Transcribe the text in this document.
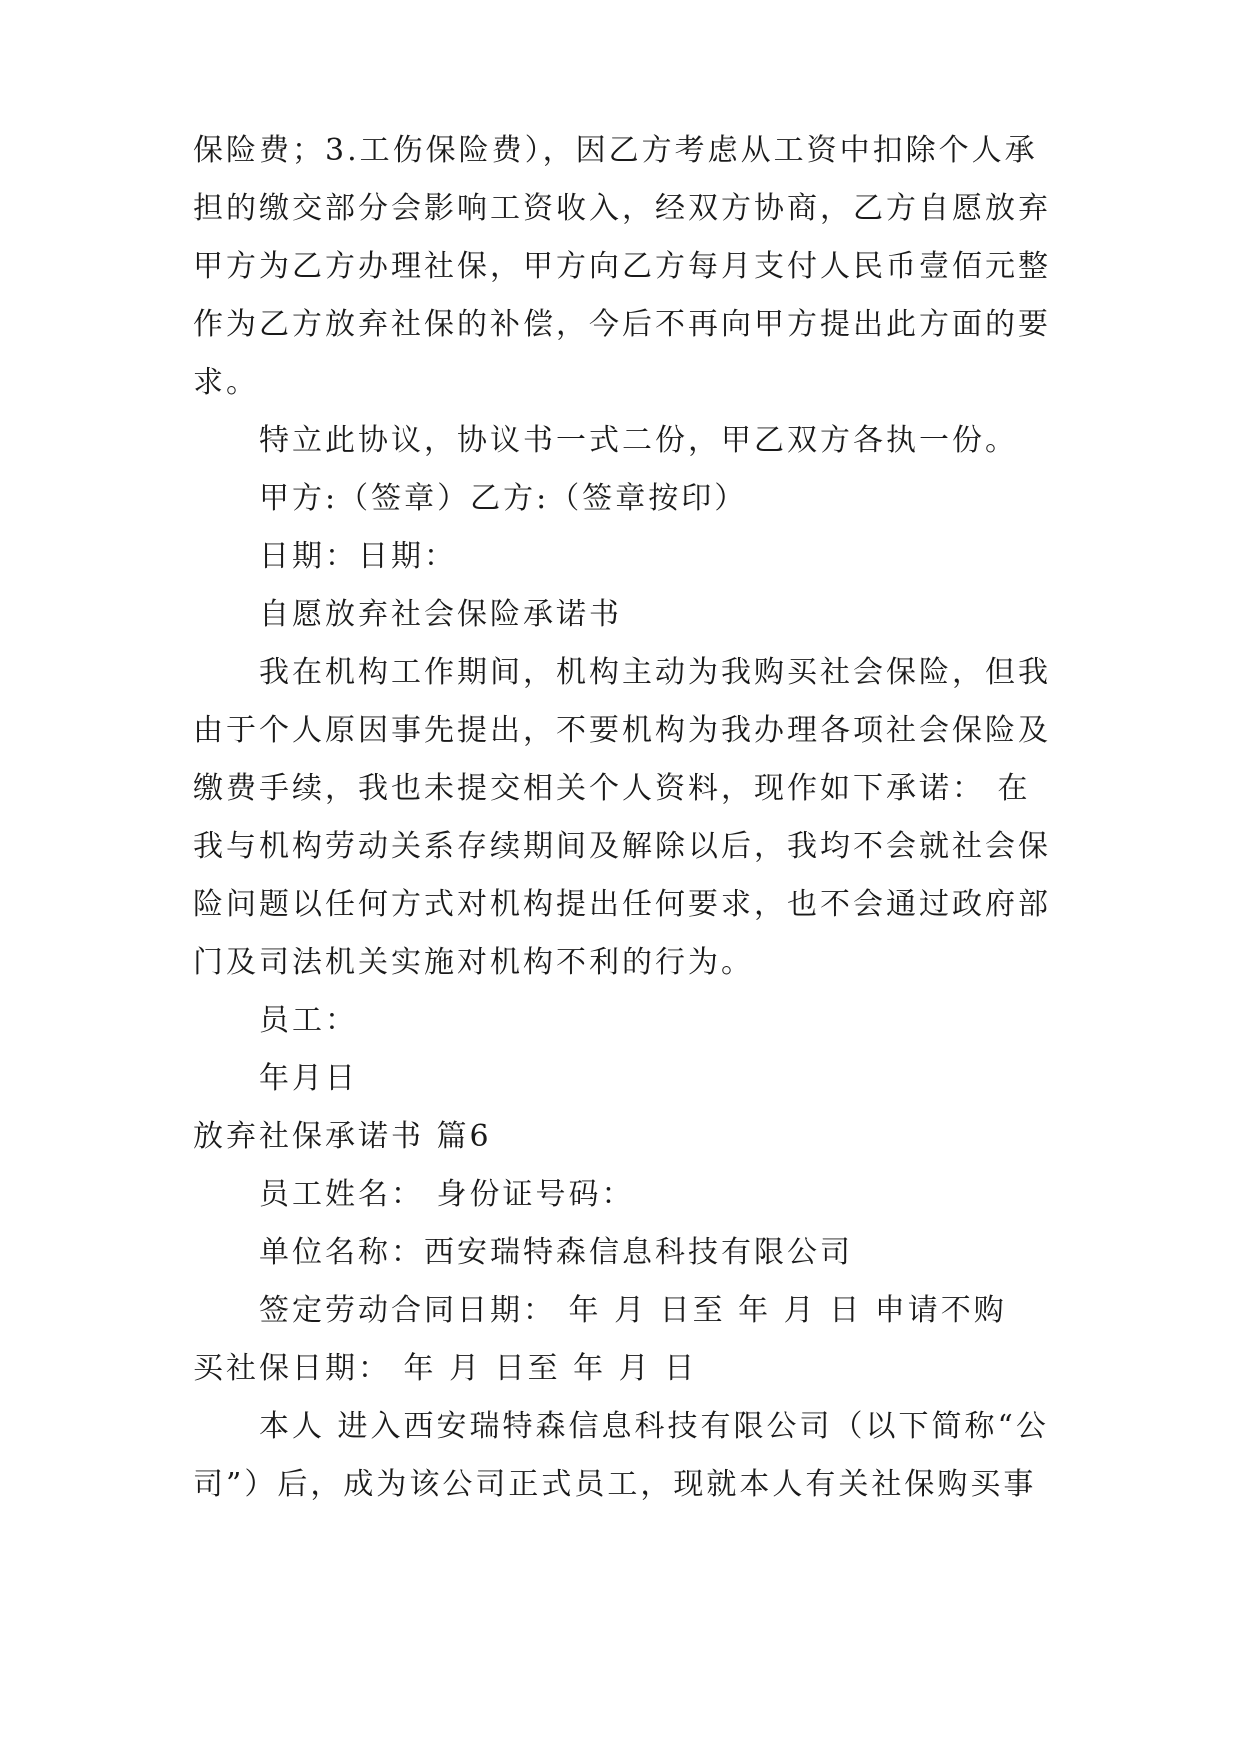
保险费；3.工伤保险费），因乙方考虑从工资中扣除个人承
担的缴交部分会影响工资收入，经双方协商，乙方自愿放弃
甲方为乙方办理社保，甲方向乙方每月支付人民币壹佰元整
作为乙方放弃社保的补偿，今后不再向甲方提出此方面的要
求。
特立此协议，协议书一式二份，甲乙双方各执一份。
甲方:（签章）乙方:（签章按印）
日期：日期：
自愿放弃社会保险承诺书
我在机构工作期间，机构主动为我购买社会保险，但我
由于个人原因事先提出，不要机构为我办理各项社会保险及
缴费手续，我也未提交相关个人资料，现作如下承诺： 在
我与机构劳动关系存续期间及解除以后，我均不会就社会保
险问题以任何方式对机构提出任何要求，也不会通过政府部
门及司法机关实施对机构不利的行为。
员工：
年月日
放弃社保承诺书 篇6
员工姓名： 身份证号码：
单位名称：西安瑞特森信息科技有限公司
签定劳动合同日期： 年 月 日至 年 月 日 申请不购
买社保日期： 年 月 日至 年 月 日
本人 进入西安瑞特森信息科技有限公司（以下简称“公
司”）后，成为该公司正式员工，现就本人有关社保购买事
